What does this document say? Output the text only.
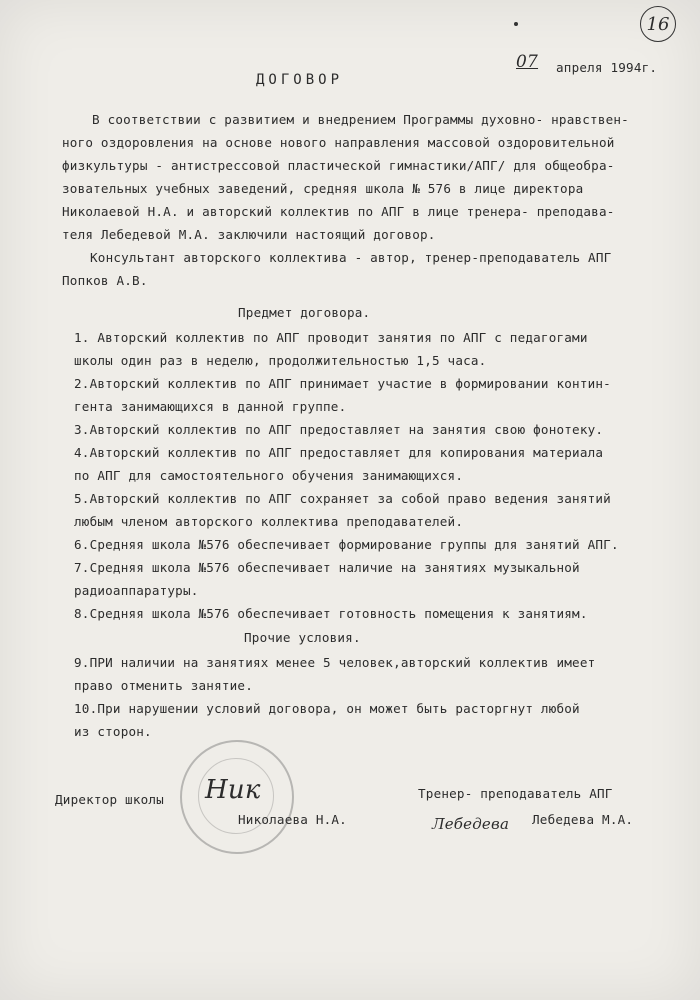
16
07 апреля 1994г.
ДОГОВОР
В соответствии с развитием и внедрением Программы духовно- нравствен-
ного оздоровления на основе нового направления массовой оздоровительной
физкультуры - антистрессовой пластической гимнастики/АПГ/ для общеобра-
зовательных учебных заведений, средняя школа № 576 в лице директора
Николаевой Н.А. и авторский коллектив по АПГ в лице тренера- преподава-
теля Лебедевой М.А. заключили настоящий договор.
Консультант авторского коллектива - автор, тренер-преподаватель АПГ
Попков А.В.
Предмет договора.
1. Авторский коллектив по АПГ проводит занятия по АПГ с педагогами
школы один раз в неделю, продолжительностью 1,5 часа.
2.Авторский коллектив по АПГ принимает участие в формировании контин-
гента занимающихся в данной группе.
3.Авторский коллектив по АПГ предоставляет на занятия свою фонотеку.
4.Авторский коллектив по АПГ предоставляет для копирования материала
по АПГ для самостоятельного обучения занимающихся.
5.Авторский коллектив по АПГ сохраняет за собой право ведения занятий
любым членом авторского коллектива преподавателей.
6.Средняя школа №576 обеспечивает формирование группы для занятий АПГ.
7.Средняя школа №576 обеспечивает наличие на занятиях музыкальной
радиоаппаратуры.
8.Средняя школа №576 обеспечивает готовность помещения к занятиям.
Прочие условия.
9.ПРИ наличии на занятиях менее 5 человек,авторский коллектив имеет
право отменить занятие.
10.При нарушении условий договора, он может быть расторгнут любой
из сторон.
Директор школы Ник
Николаева Н.А.
Тренер- преподаватель АПГ
Лебедева Лебедева М.А.
